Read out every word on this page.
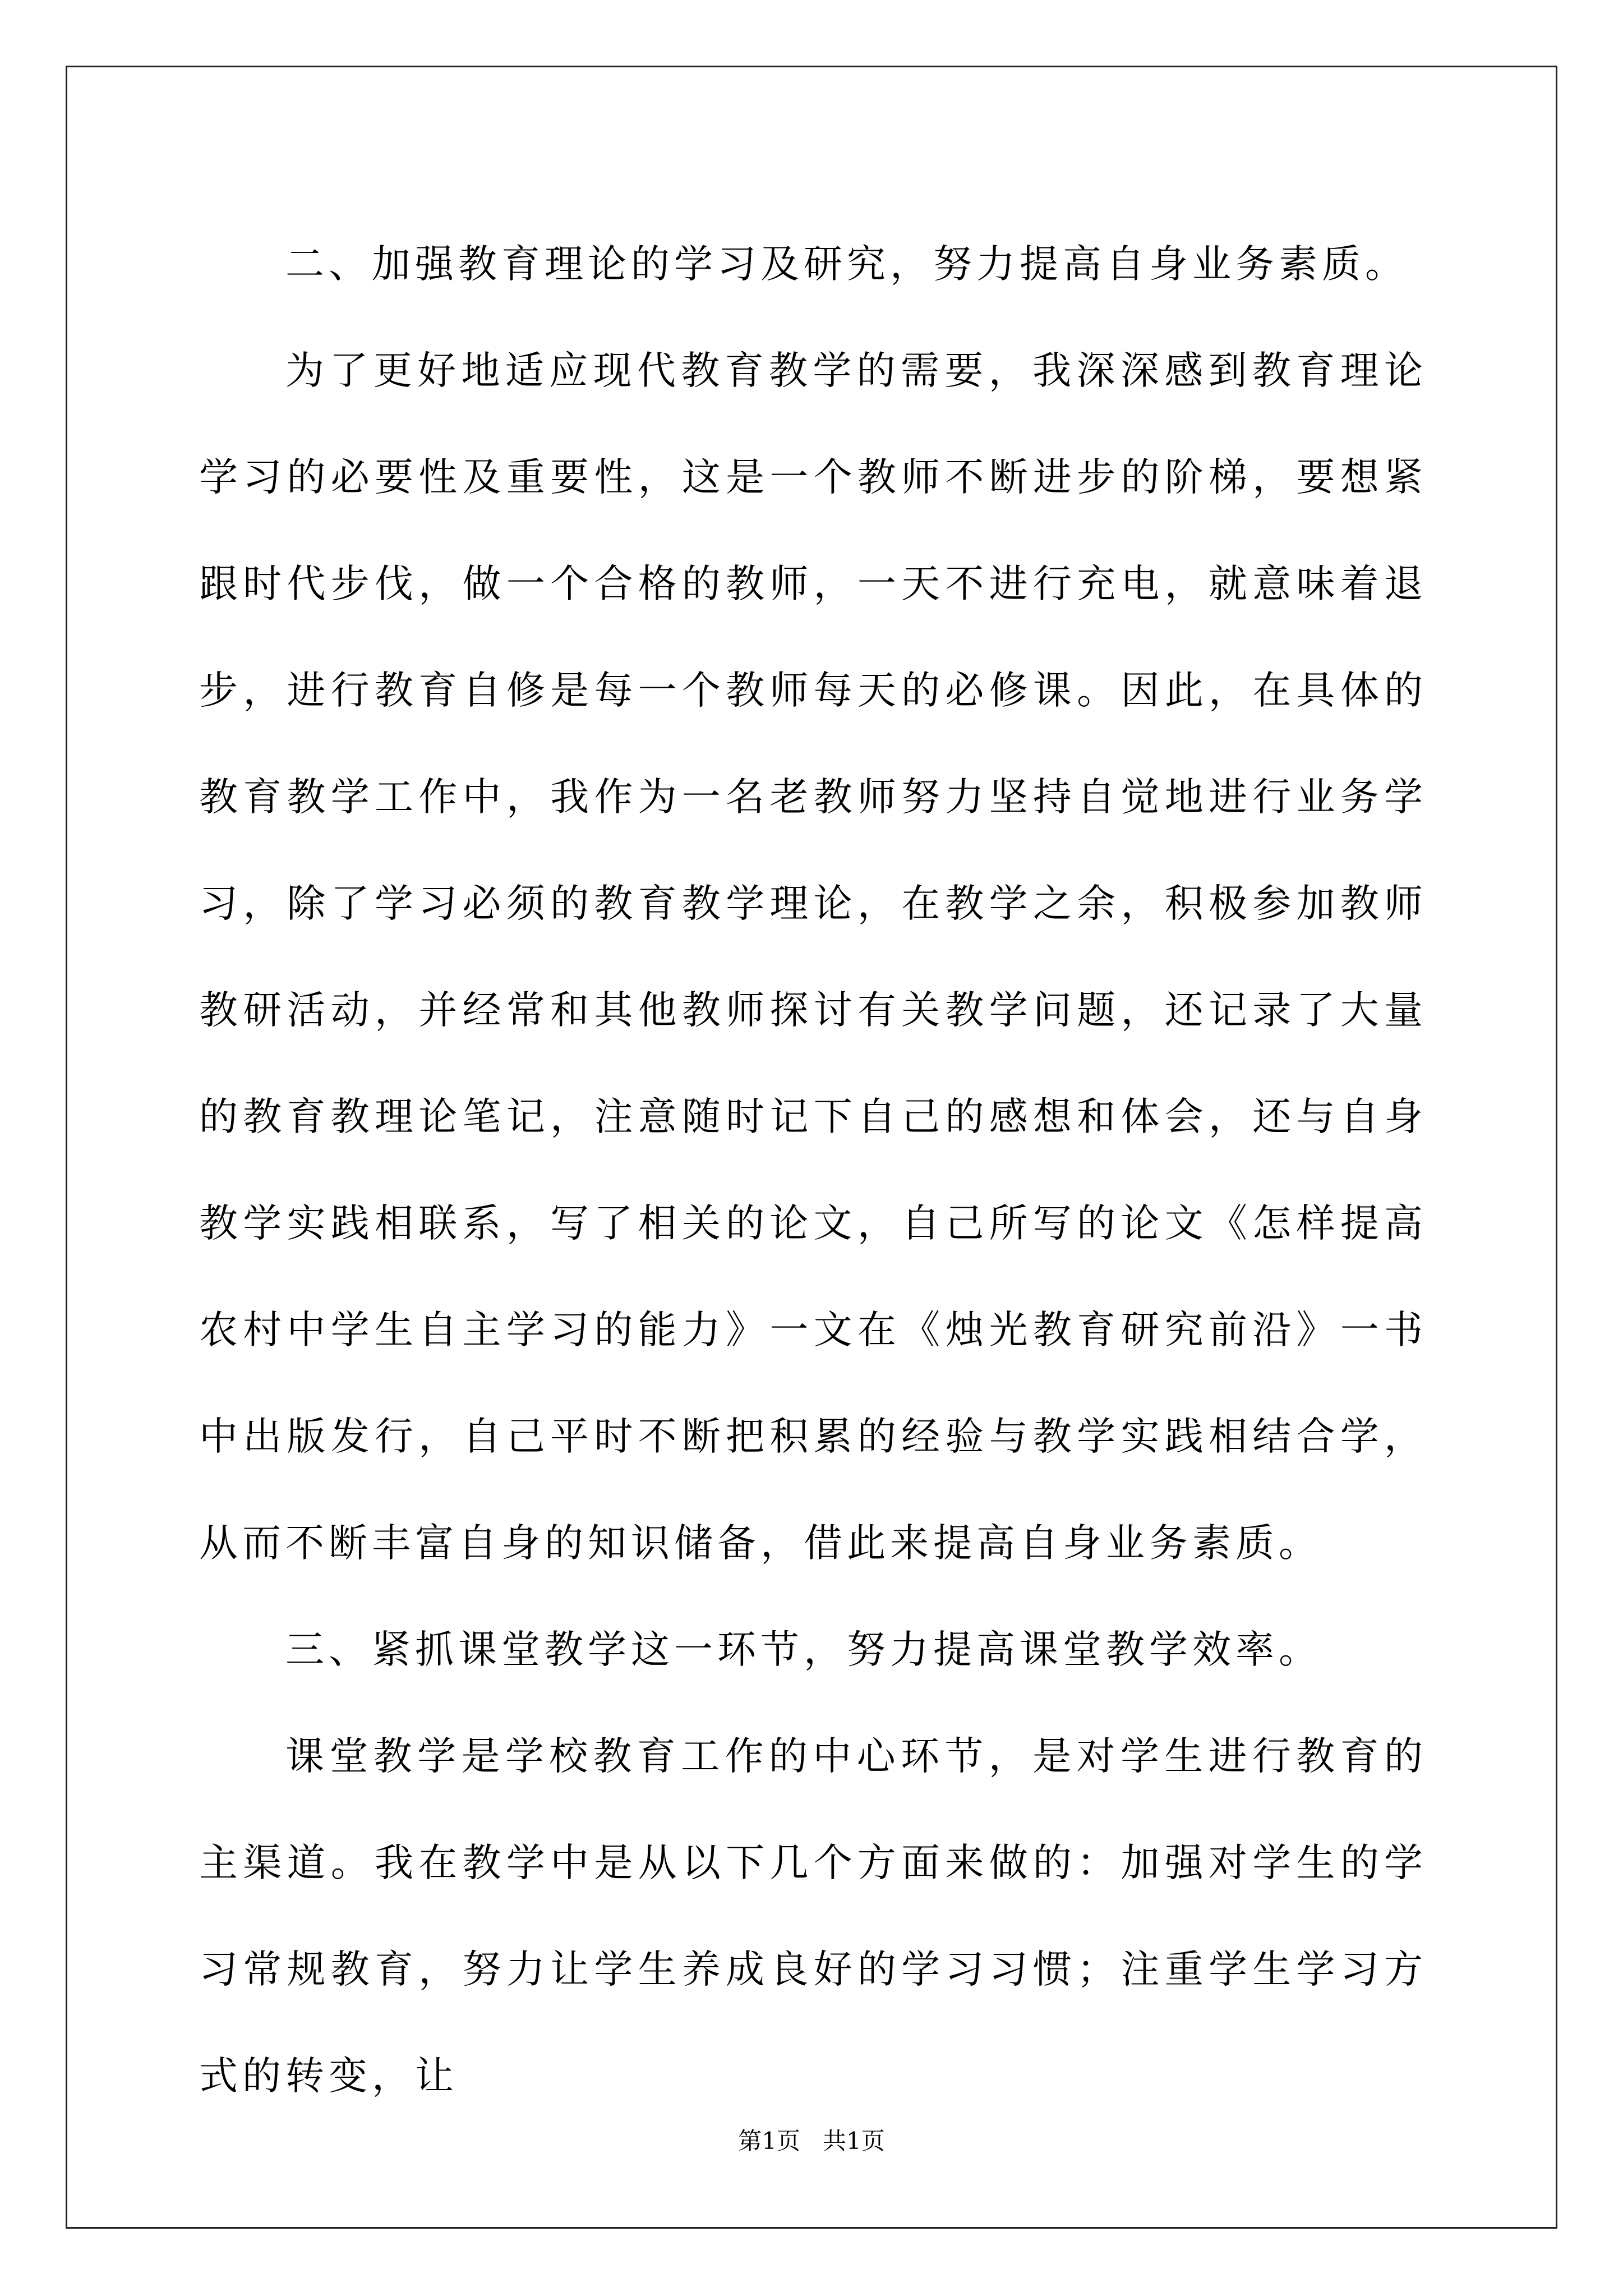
二、加强教育理论的学习及研究，努力提高自身业务素质。

为了更好地适应现代教育教学的需要，我深深感到教育理论学习的必要性及重要性，这是一个教师不断进步的阶梯，要想紧跟时代步伐，做一个合格的教师，一天不进行充电，就意味着退步，进行教育自修是每一个教师每天的必修课。因此，在具体的教育教学工作中，我作为一名老教师努力坚持自觉地进行业务学习，除了学习必须的教育教学理论，在教学之余，积极参加教师教研活动，并经常和其他教师探讨有关教学问题，还记录了大量的教育教理论笔记，注意随时记下自己的感想和体会，还与自身教学实践相联系，写了相关的论文，自己所写的论文《怎样提高农村中学生自主学习的能力》一文在《烛光教育研究前沿》一书中出版发行，自己平时不断把积累的经验与教学实践相结合学，从而不断丰富自身的知识储备，借此来提高自身业务素质。

三、紧抓课堂教学这一环节，努力提高课堂教学效率。

课堂教学是学校教育工作的中心环节，是对学生进行教育的主渠道。我在教学中是从以下几个方面来做的：加强对学生的学习常规教育，努力让学生养成良好的学习习惯；注重学生学习方式的转变，让

第1页   共1页
